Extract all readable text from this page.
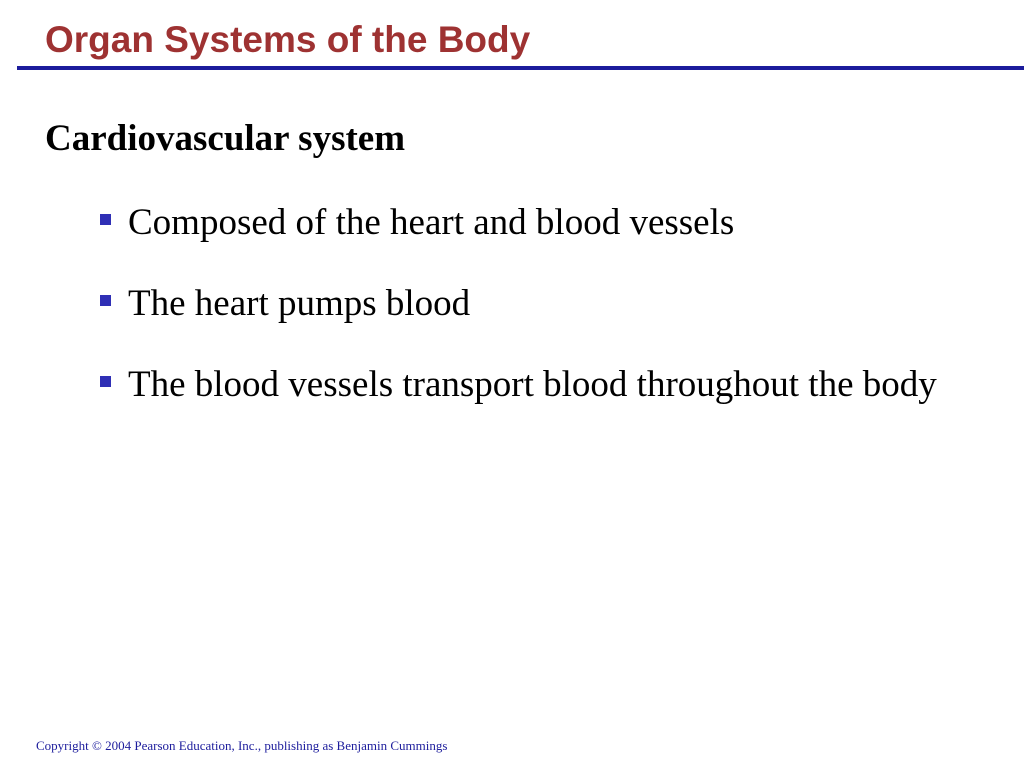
Organ Systems of the Body
Cardiovascular system
Composed of the heart and blood vessels
The heart pumps blood
The blood vessels transport blood throughout the body

Copyright © 2004 Pearson Education, Inc., publishing as Benjamin Cummings
